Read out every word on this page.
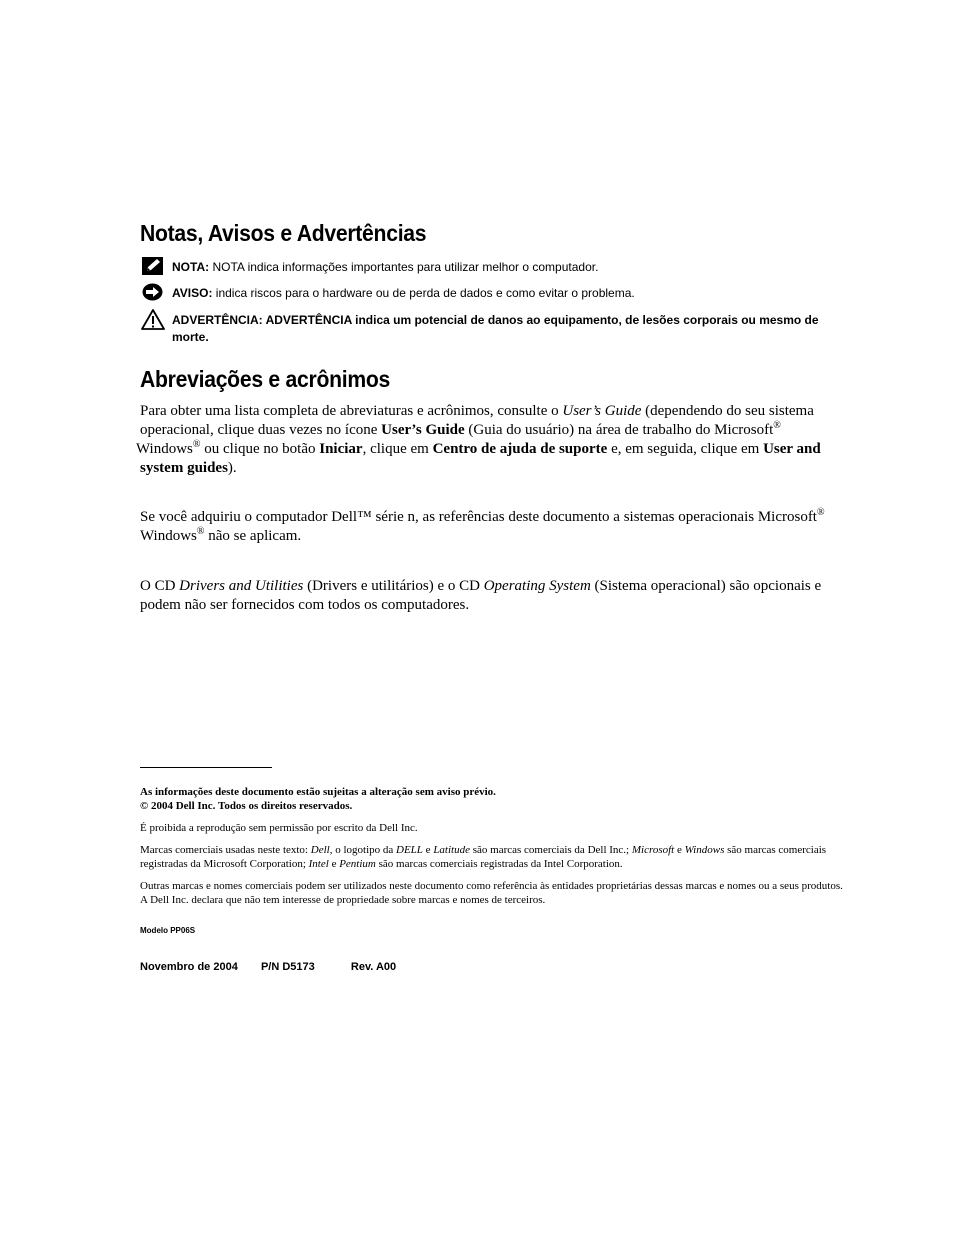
Notas, Avisos e Advertências
NOTA: NOTA indica informações importantes para utilizar melhor o computador.
AVISO: indica riscos para o hardware ou de perda de dados e como evitar o problema.
ADVERTÊNCIA: ADVERTÊNCIA indica um potencial de danos ao equipamento, de lesões corporais ou mesmo de
morte.
Abreviações e acrônimos
Para obter uma lista completa de abreviaturas e acrônimos, consulte o User’s Guide (dependendo do seu sistema operacional, clique duas vezes no ícone User’s Guide (Guia do usuário) na área de trabalho do Microsoft®
Windows® ou clique no botão Iniciar, clique em Centro de ajuda de suporte e, em seguida, clique em User and system guides).
Se você adquiriu o computador Dell™ série n, as referências deste documento a sistemas operacionais Microsoft® Windows® não se aplicam.
O CD Drivers and Utilities (Drivers e utilitários) e o CD Operating System (Sistema operacional) são opcionais e podem não ser fornecidos com todos os computadores.
As informações deste documento estão sujeitas a alteração sem aviso prévio.
© 2004 Dell Inc. Todos os direitos reservados.
É proibida a reprodução sem permissão por escrito da Dell Inc.
Marcas comerciais usadas neste texto: Dell, o logotipo da DELL e Latitude são marcas comerciais da Dell Inc.; Microsoft e Windows são marcas comerciais registradas da Microsoft Corporation; Intel e Pentium são marcas comerciais registradas da Intel Corporation.
Outras marcas e nomes comerciais podem ser utilizados neste documento como referência às entidades proprietárias dessas marcas e nomes ou a seus produtos. A Dell Inc. declara que não tem interesse de propriedade sobre marcas e nomes de terceiros.
Modelo PP06S
Novembro de 2004 P/N D5173	Rev. A00
